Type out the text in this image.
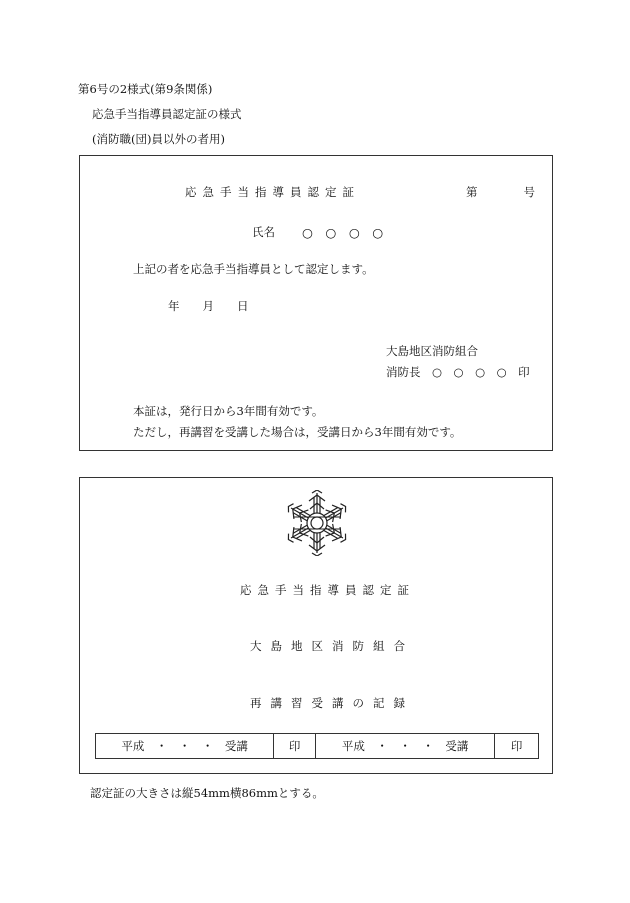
第6号の2様式(第9条関係)
応急手当指導員認定証の様式
(消防職(団)員以外の者用)
応急手当指導員認定証	第　　　　号
氏名 ○　○　○　○
上記の者を応急手当指導員として認定します。
年　　月　　日
大島地区消防組合
消防長　○　○　○　○　印
本証は，発行日から3年間有効です。
ただし，再講習を受講した場合は，受講日から3年間有効です。
応急手当指導員認定証
大島地区消防組合
再講習受講の記録
平成　・　・　・　受講	印	平成　・　・　・　受講	印
認定証の大きさは縦54mm横86mmとする。
